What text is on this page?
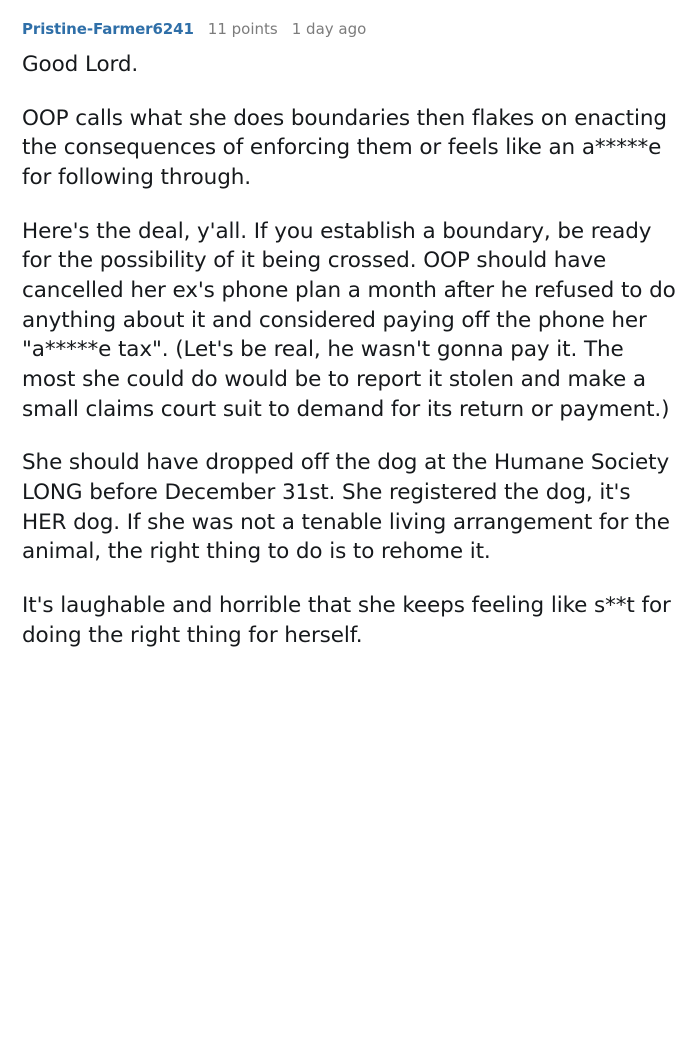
Pristine-Farmer6241 11 points 1 day ago

Good Lord.

OOP calls what she does boundaries then flakes on enacting the consequences of enforcing them or feels like an a*****e for following through.

Here's the deal, y'all. If you establish a boundary, be ready for the possibility of it being crossed. OOP should have cancelled her ex's phone plan a month after he refused to do anything about it and considered paying off the phone her "a*****e tax". (Let's be real, he wasn't gonna pay it. The most she could do would be to report it stolen and make a small claims court suit to demand for its return or payment.)

She should have dropped off the dog at the Humane Society LONG before December 31st. She registered the dog, it's HER dog. If she was not a tenable living arrangement for the animal, the right thing to do is to rehome it.

It's laughable and horrible that she keeps feeling like s**t for doing the right thing for herself.
